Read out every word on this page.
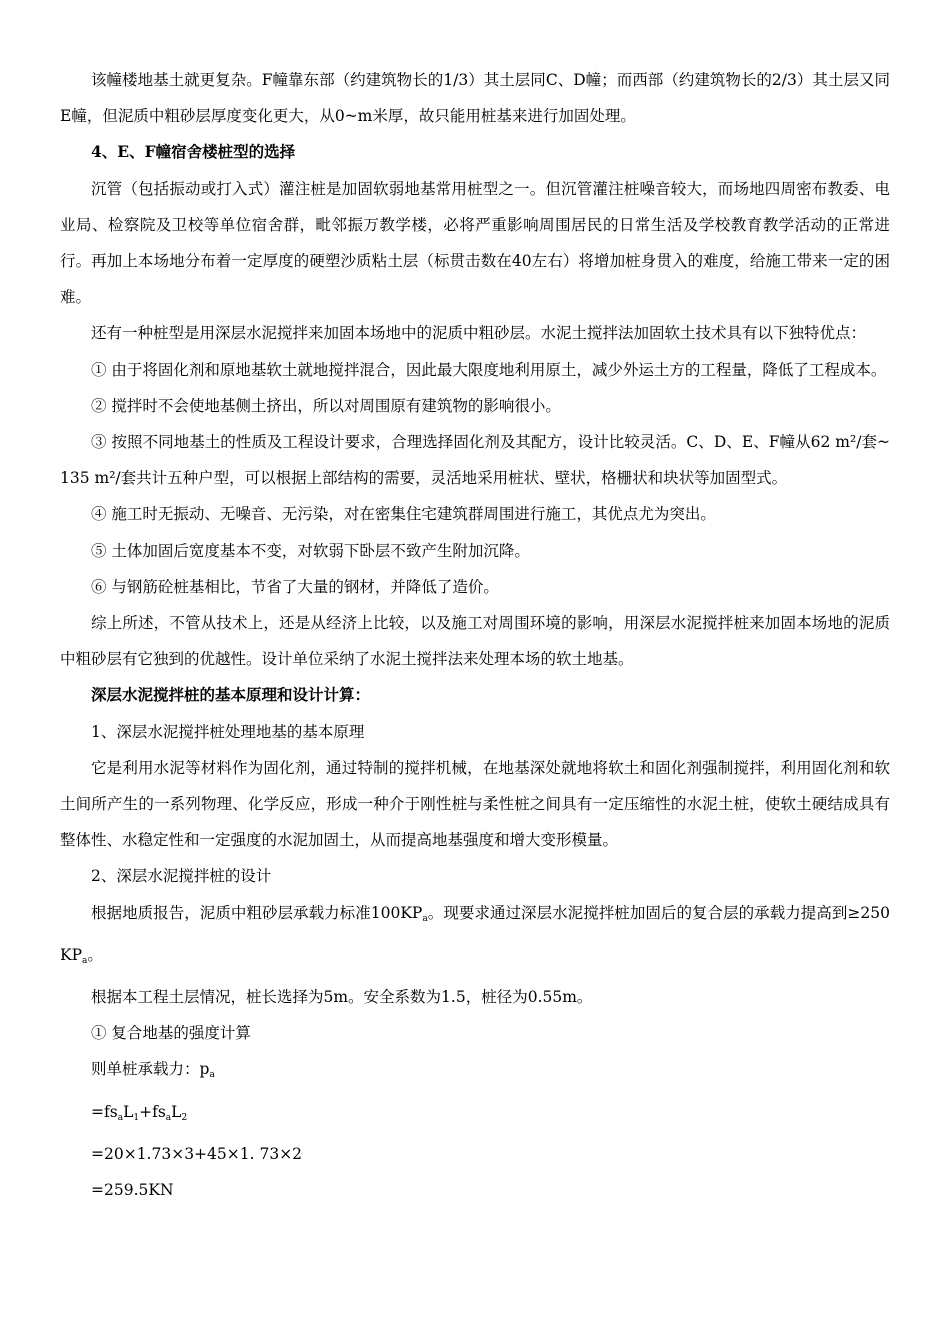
该幢楼地基土就更复杂。F幢靠东部（约建筑物长的1/3）其土层同C、D幢；而西部（约建筑物长的2/3）其土层又同E幢，但泥质中粗砂层厚度变化更大，从0~m米厚，故只能用桩基来进行加固处理。

4、E、F幢宿舍楼桩型的选择

沉管（包括振动或打入式）灌注桩是加固软弱地基常用桩型之一。但沉管灌注桩噪音较大，而场地四周密布教委、电业局、检察院及卫校等单位宿舍群，毗邻振万教学楼，必将严重影响周围居民的日常生活及学校教育教学活动的正常进行。再加上本场地分布着一定厚度的硬塑沙质粘土层（标贯击数在40左右）将增加桩身贯入的难度，给施工带来一定的困难。

还有一种桩型是用深层水泥搅拌来加固本场地中的泥质中粗砂层。水泥土搅拌法加固软土技术具有以下独特优点：

① 由于将固化剂和原地基软土就地搅拌混合，因此最大限度地利用原土，减少外运土方的工程量，降低了工程成本。

② 搅拌时不会使地基侧土挤出，所以对周围原有建筑物的影响很小。

③ 按照不同地基土的性质及工程设计要求，合理选择固化剂及其配方，设计比较灵活。C、D、E、F幢从62 m²/套~135 m²/套共计五种户型，可以根据上部结构的需要，灵活地采用桩状、壁状，格栅状和块状等加固型式。

④ 施工时无振动、无噪音、无污染，对在密集住宅建筑群周围进行施工，其优点尤为突出。

⑤ 土体加固后宽度基本不变，对软弱下卧层不致产生附加沉降。

⑥ 与钢筋砼桩基相比，节省了大量的钢材，并降低了造价。

综上所述，不管从技术上，还是从经济上比较，以及施工对周围环境的影响，用深层水泥搅拌桩来加固本场地的泥质中粗砂层有它独到的优越性。设计单位采纳了水泥土搅拌法来处理本场的软土地基。

深层水泥搅拌桩的基本原理和设计计算：

1、深层水泥搅拌桩处理地基的基本原理

它是利用水泥等材料作为固化剂，通过特制的搅拌机械，在地基深处就地将软土和固化剂强制搅拌，利用固化剂和软土间所产生的一系列物理、化学反应，形成一种介于刚性桩与柔性桩之间具有一定压缩性的水泥土桩，使软土硬结成具有整体性、水稳定性和一定强度的水泥加固土，从而提高地基强度和增大变形模量。

2、深层水泥搅拌桩的设计

根据地质报告，泥质中粗砂层承载力标准$100KP_a$。现要求通过深层水泥搅拌桩加固后的复合层的承载力提高到$\ge 250KP_a$。

根据本工程土层情况，桩长选择为5m。安全系数为1.5，桩径为0.55m。

① 复合地基的强度计算

则单桩承载力：$p_a$

$=fs_aL_1+fs_aL_2$

=20×1.73×3+45×1. 73×2

=259.5KN
